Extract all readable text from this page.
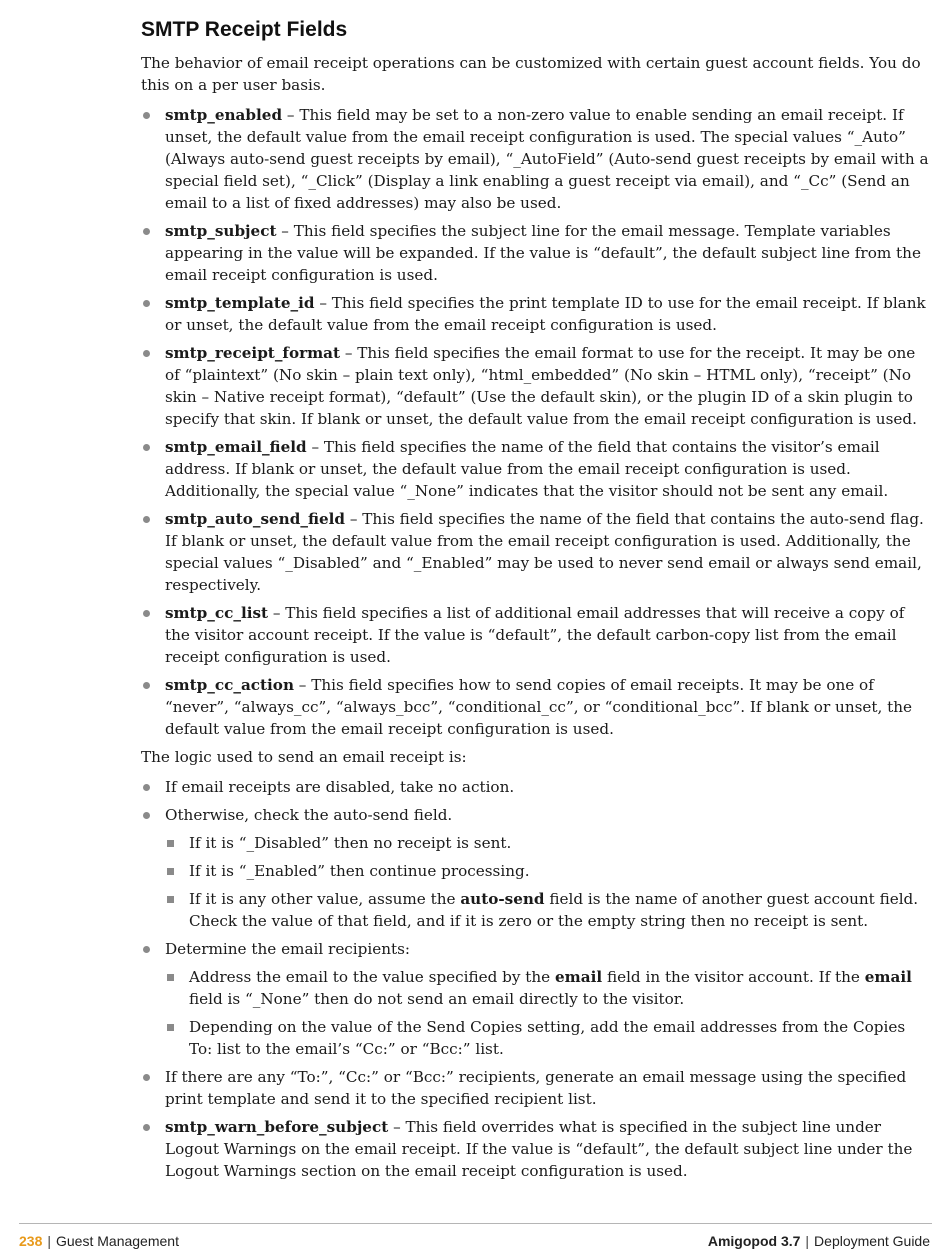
SMTP Receipt Fields

The behavior of email receipt operations can be customized with certain guest account fields. You do this on a per user basis.

smtp_enabled – This field may be set to a non-zero value to enable sending an email receipt. If unset, the default value from the email receipt configuration is used. The special values “_Auto” (Always auto-send guest receipts by email), “_AutoField” (Auto-send guest receipts by email with a special field set), “_Click” (Display a link enabling a guest receipt via email), and “_Cc” (Send an email to a list of fixed addresses) may also be used.
smtp_subject – This field specifies the subject line for the email message. Template variables appearing in the value will be expanded. If the value is “default”, the default subject line from the email receipt configuration is used.
smtp_template_id – This field specifies the print template ID to use for the email receipt. If blank or unset, the default value from the email receipt configuration is used.
smtp_receipt_format – This field specifies the email format to use for the receipt. It may be one of “plaintext” (No skin – plain text only), “html_embedded” (No skin – HTML only), “receipt” (No skin – Native receipt format), “default” (Use the default skin), or the plugin ID of a skin plugin to specify that skin. If blank or unset, the default value from the email receipt configuration is used.
smtp_email_field – This field specifies the name of the field that contains the visitor’s email address. If blank or unset, the default value from the email receipt configuration is used. Additionally, the special value “_None” indicates that the visitor should not be sent any email.
smtp_auto_send_field – This field specifies the name of the field that contains the auto-send flag. If blank or unset, the default value from the email receipt configuration is used. Additionally, the special values “_Disabled” and “_Enabled” may be used to never send email or always send email, respectively.
smtp_cc_list – This field specifies a list of additional email addresses that will receive a copy of the visitor account receipt. If the value is “default”, the default carbon-copy list from the email receipt configuration is used.
smtp_cc_action – This field specifies how to send copies of email receipts. It may be one of “never”, “always_cc”, “always_bcc”, “conditional_cc”, or “conditional_bcc”. If blank or unset, the default value from the email receipt configuration is used.

The logic used to send an email receipt is:

If email receipts are disabled, take no action.
Otherwise, check the auto-send field.
If it is “_Disabled” then no receipt is sent.
If it is “_Enabled” then continue processing.
If it is any other value, assume the auto-send field is the name of another guest account field. Check the value of that field, and if it is zero or the empty string then no receipt is sent.
Determine the email recipients:
Address the email to the value specified by the email field in the visitor account. If the email field is “_None” then do not send an email directly to the visitor.
Depending on the value of the Send Copies setting, add the email addresses from the Copies To: list to the email’s “Cc:” or “Bcc:” list.
If there are any “To:”, “Cc:” or “Bcc:” recipients, generate an email message using the specified print template and send it to the specified recipient list.
smtp_warn_before_subject – This field overrides what is specified in the subject line under Logout Warnings on the email receipt. If the value is “default”, the default subject line under the Logout Warnings section on the email receipt configuration is used.
238 | Guest Management	Amigopod 3.7 | Deployment Guide
